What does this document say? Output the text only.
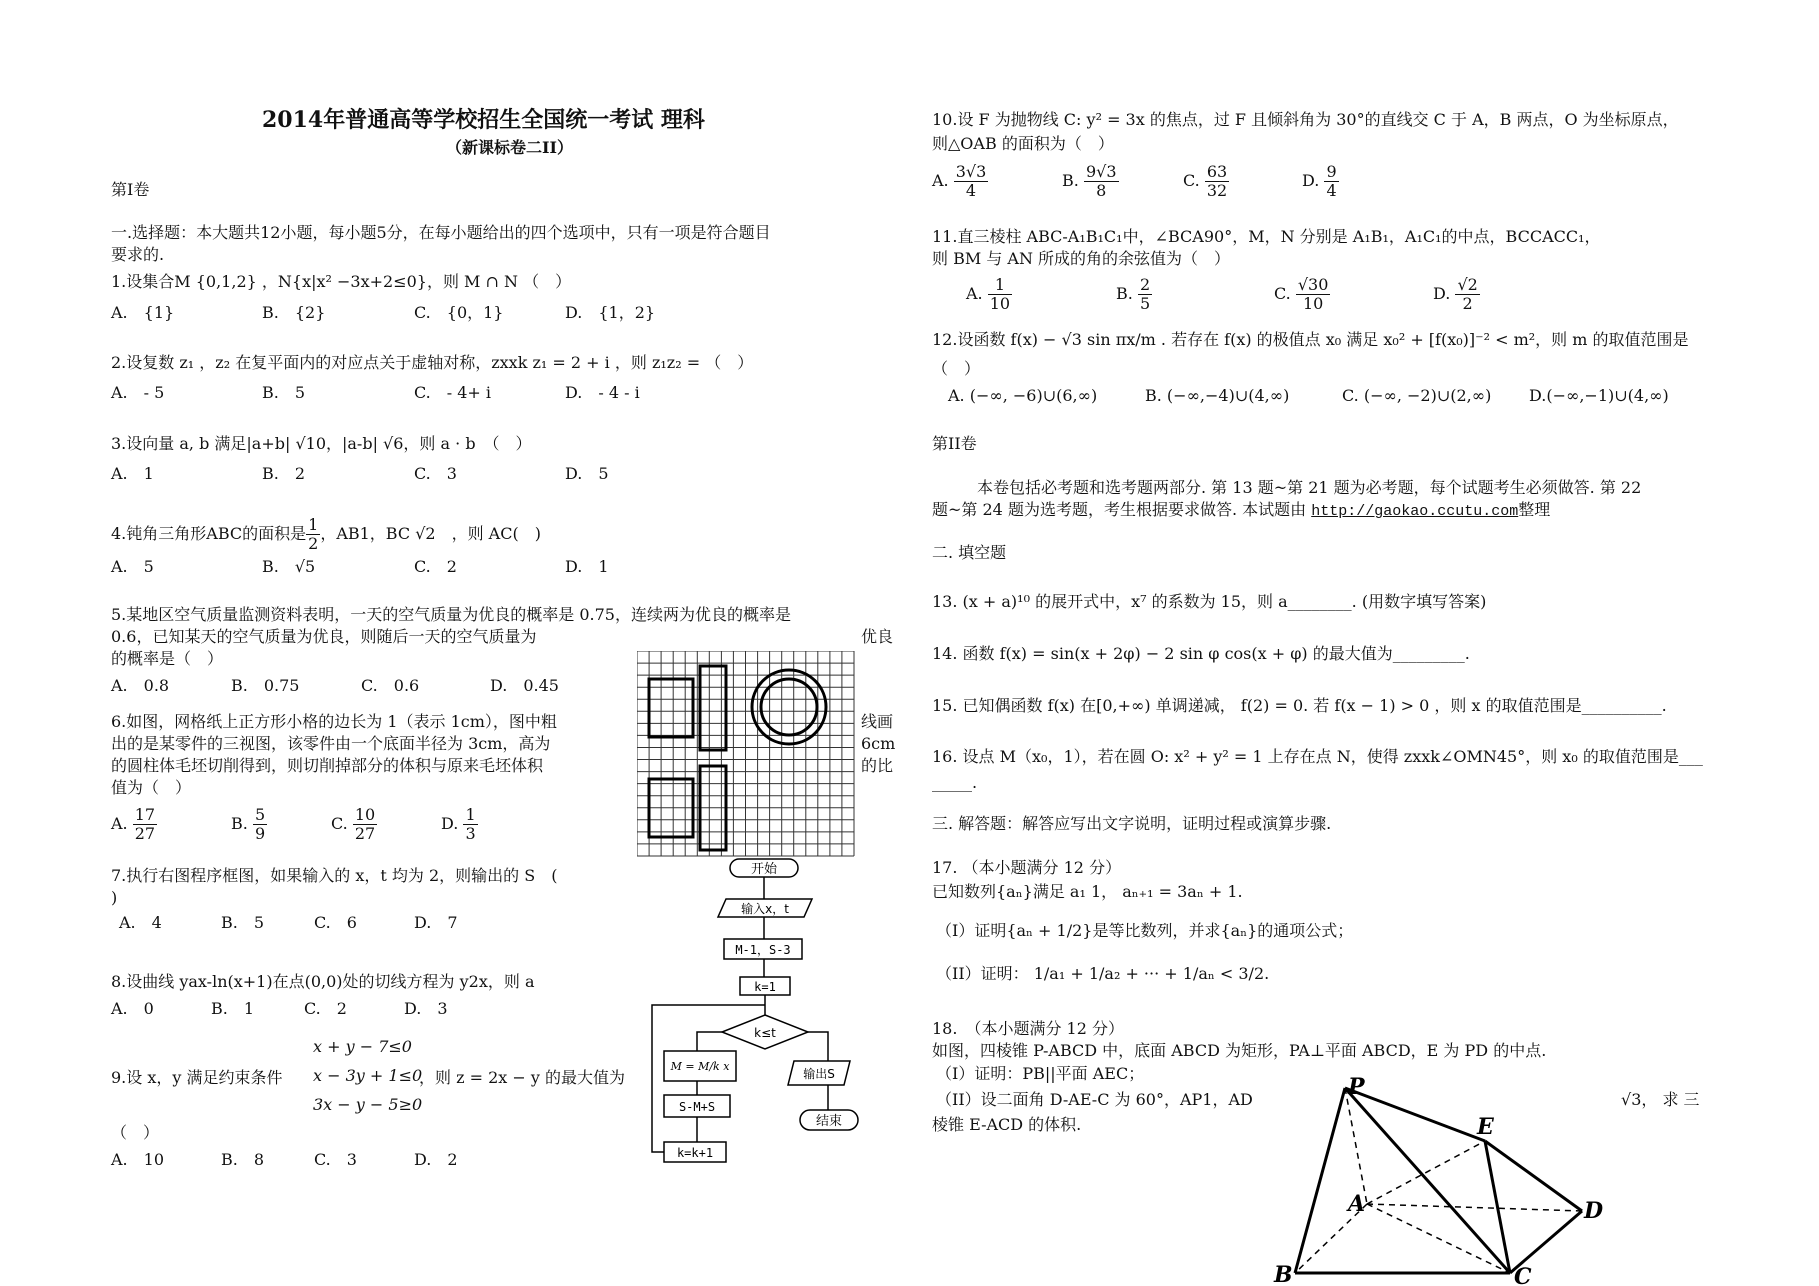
2014年普通高等学校招生全国统一考试 理科
（新课标卷二II）
第I卷
一.选择题：本大题共12小题，每小题5分，在每小题给出的四个选项中，只有一项是符合题目
要求的.
1.设集合M {0,1,2} ，N{x|x² −3x+2≤0}，则 M ∩ N （　）
A.　{1}	B.　{2}	C.　{0，1}	D.　{1，2}
2.设复数 z₁ ，z₂ 在复平面内的对应点关于虚轴对称，zxxk z₁ = 2 + i ，则 z₁z₂ = （　）
A.　- 5	B.　5	C.　- 4+ i	D.　- 4 - i
3.设向量 a, b 满足|a+b| √10，|a-b| √6，则 a · b　（　）
A.　1	B.　2	C.　3	D.　5
4.钝角三角形ABC的面积是 $\frac{1}{2}$ ，AB1，BC √2　，则 AC(　)
A.　5	B.　√5	C.　2	D.　1
5.某地区空气质量监测资料表明，一天的空气质量为优良的概率是 0.75，连续两为优良的概率是
0.6，已知某天的空气质量为优良，则随后一天的空气质量为	优良
的概率是（　）
A.　0.8	B.　0.75	C.　0.6	D.　0.45
6.如图，网格纸上正方形小格的边长为 1（表示 1cm），图中粗	线画
出的是某零件的三视图，该零件由一个底面半径为 3cm，高为	6cm
的圆柱体毛坯切削得到，则切削掉部分的体积与原来毛坯体积	的比
值为（　）
A. $\frac{17}{27}$	B. $\frac{5}{9}$	C. $\frac{10}{27}$	D. $\frac{1}{3}$
7.执行右图程序框图，如果输入的 x，t 均为 2，则输出的 S　(
)
A.　4	B.　5	C.　6	D.　7
开始
输入x，t
M-1，S-3
k=1
k≤t
M = M/k x
S-M+S
k=k+1
输出S
结束
8.设曲线 yax-ln(x+1)在点(0,0)处的切线方程为 y2x，则 a
A.　0	B.　1	C.　2	D.　3
x + y − 7≤0
9.设 x，y 满足约束条件 x − 3y + 1≤0
，则 z = 2x − y 的最大值为
3x − y − 5≥0
（　）
A.　10	B.　8	C.　3	D.　2
10.设 F 为抛物线 C: y² = 3x 的焦点，过 F 且倾斜角为 30°的直线交 C 于 A，B 两点，O 为坐标原点，
则△OAB 的面积为（　）
A. $\frac{3√3}{4}$	B. $\frac{9√3}{8}$	C. $\frac{63}{32}$	D. $\frac{9}{4}$
11.直三棱柱 ABC-A₁B₁C₁中，∠BCA90°，M，N 分别是 A₁B₁，A₁C₁的中点，BCCACC₁，
则 BM 与 AN 所成的角的余弦值为（　）
A. $\frac{1}{10}$	B. $\frac{2}{5}$	C. $\frac{√30}{10}$	D. $\frac{√2}{2}$
12.设函数 f(x) − √3 sin πx/m . 若存在 f(x) 的极值点 x₀ 满足 x₀² + [f(x₀)]⁻² < m²，则 m 的取值范围是
（　）
A. (−∞, −6)∪(6,∞)	B. (−∞,−4)∪(4,∞)	C. (−∞, −2)∪(2,∞) D.(−∞,−1)∪(4,∞)
第II卷
本卷包括必考题和选考题两部分. 第 13 题~第 21 题为必考题，每个试题考生必须做答. 第 22
题~第 24 题为选考题，考生根据要求做答. 本试题由 http://gaokao.ccutu.com整理
二. 填空题
13. (x + a)¹⁰ 的展开式中，x⁷ 的系数为 15，则 a________. (用数字填写答案)
14. 函数 f(x) = sin(x + 2φ) − 2 sin φ cos(x + φ) 的最大值为_________.
15. 已知偶函数 f(x) 在[0,+∞) 单调递减， f(2) = 0. 若 f(x − 1) > 0 ，则 x 的取值范围是__________.
16. 设点 M（x₀，1），若在圆 O: x² + y² = 1 上存在点 N，使得 zxxk∠OMN45°，则 x₀ 的取值范围是___
_____.
三. 解答题：解答应写出文字说明，证明过程或演算步骤.
17. （本小题满分 12 分）
已知数列{aₙ}满足 a₁ 1， aₙ₊₁ = 3aₙ + 1.
（I）证明{aₙ + 1/2}是等比数列，并求{aₙ}的通项公式；
（II）证明： 1/a₁ + 1/a₂ + ··· + 1/aₙ < 3/2.
18.　（本小题满分 12 分）
如图，四棱锥 P-ABCD 中，底面 ABCD 为矩形，PA⊥平面 ABCD，E 为 PD 的中点.
（I）证明：PB||平面 AEC；
（II）设二面角 D-AE-C 为 60°，AP1，AD	√3， 求 三
棱锥 E-ACD 的体积.
P
E
A	D
B	C
